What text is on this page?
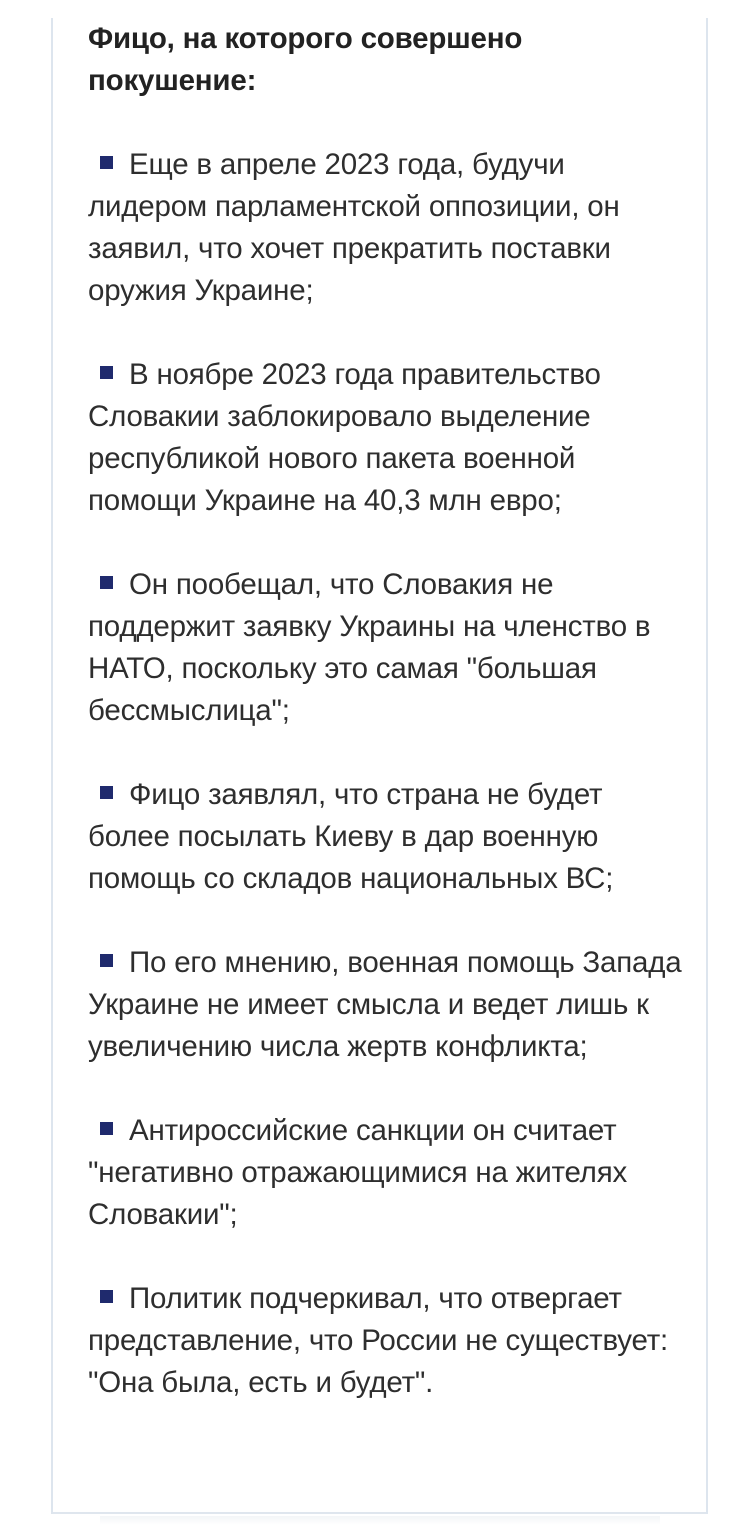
Фицо, на которого совершено покушение:

Еще в апреле 2023 года, будучи лидером парламентской оппозиции, он заявил, что хочет прекратить поставки оружия Украине;

В ноябре 2023 года правительство Словакии заблокировало выделение республикой нового пакета военной помощи Украине на 40,3 млн евро;

Он пообещал, что Словакия не поддержит заявку Украины на членство в НАТО, поскольку это самая "большая бессмыслица";

Фицо заявлял, что страна не будет более посылать Киеву в дар военную помощь со складов национальных ВС;

По его мнению, военная помощь Запада Украине не имеет смысла и ведет лишь к увеличению числа жертв конфликта;

Антироссийские санкции он считает "негативно отражающимися на жителях Словакии";

Политик подчеркивал, что отвергает представление, что России не существует: "Она была, есть и будет".
